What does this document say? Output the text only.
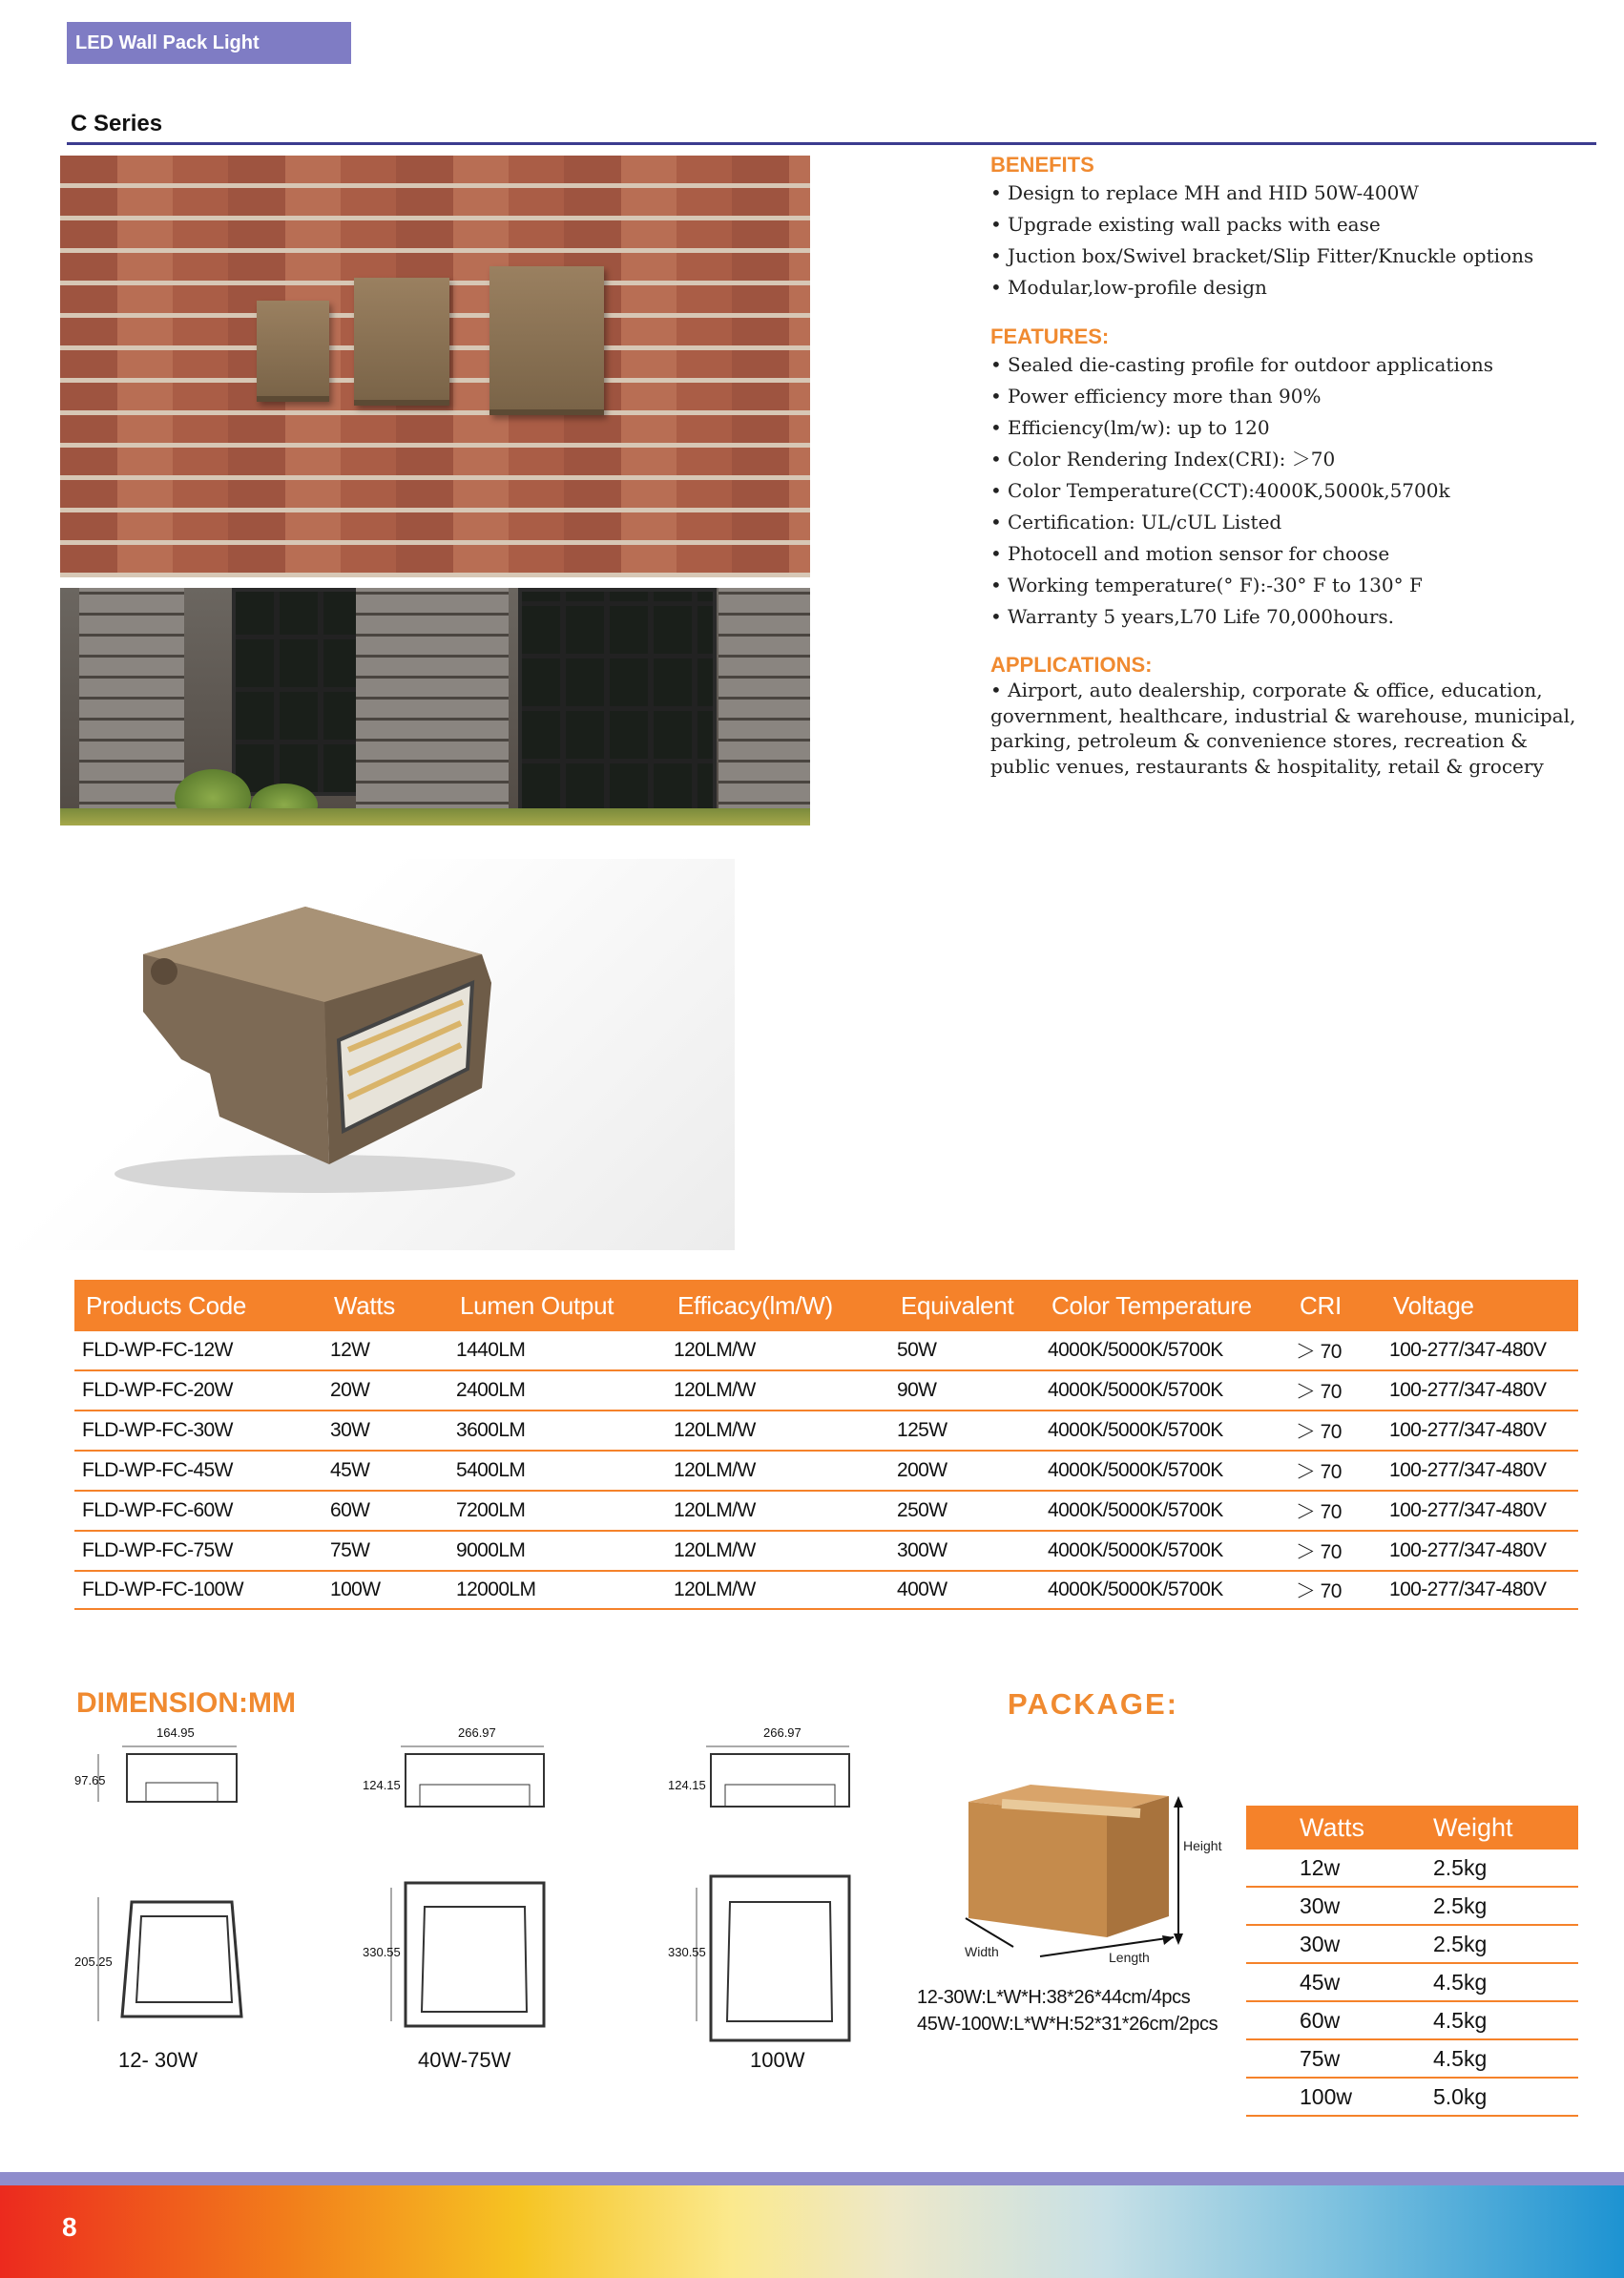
LED Wall Pack Light
C Series
BENEFITS
• Design to replace MH and HID 50W-400W
• Upgrade existing wall packs with ease
• Juction box/Swivel bracket/Slip Fitter/Knuckle options
• Modular,low-profile design
FEATURES:
• Sealed die-casting profile for outdoor applications
• Power efficiency more than 90%
• Efficiency(lm/w): up to 120
• Color Rendering Index(CRI): ＞70
• Color Temperature(CCT):4000K,5000k,5700k
• Certification: UL/cUL Listed
• Photocell and motion sensor for choose
• Working temperature(° F):-30° F to 130° F
• Warranty 5 years,L70 Life 70,000hours.
APPLICATIONS:
• Airport, auto dealership, corporate & office, education, government, healthcare, industrial & warehouse, municipal, parking, petroleum & convenience stores, recreation & public venues, restaurants & hospitality, retail & grocery
Products Code	Watts	Lumen Output	Efficacy(lm/W)	Equivalent	Color Temperature	CRI	Voltage
FLD-WP-FC-12W	12W	1440LM	120LM/W	50W	4000K/5000K/5700K	＞ 70	100-277/347-480V
FLD-WP-FC-20W	20W	2400LM	120LM/W	90W	4000K/5000K/5700K	＞ 70	100-277/347-480V
FLD-WP-FC-30W	30W	3600LM	120LM/W	125W	4000K/5000K/5700K	＞ 70	100-277/347-480V
FLD-WP-FC-45W	45W	5400LM	120LM/W	200W	4000K/5000K/5700K	＞ 70	100-277/347-480V
FLD-WP-FC-60W	60W	7200LM	120LM/W	250W	4000K/5000K/5700K	＞ 70	100-277/347-480V
FLD-WP-FC-75W	75W	9000LM	120LM/W	300W	4000K/5000K/5700K	＞ 70	100-277/347-480V
FLD-WP-FC-100W	100W	12000LM	120LM/W	400W	4000K/5000K/5700K	＞ 70	100-277/347-480V
DIMENSION:MM
164.95
97.65
205.25
12- 30W
266.97
124.15
330.55
40W-75W
266.97
124.15
330.55
100W
PACKAGE:
Height
Width	Length
12-30W:L*W*H:38*26*44cm/4pcs
45W-100W:L*W*H:52*31*26cm/2pcs
Watts	Weight
12w	2.5kg
30w	2.5kg
30w	2.5kg
45w	4.5kg
60w	4.5kg
75w	4.5kg
100w	5.0kg
8
